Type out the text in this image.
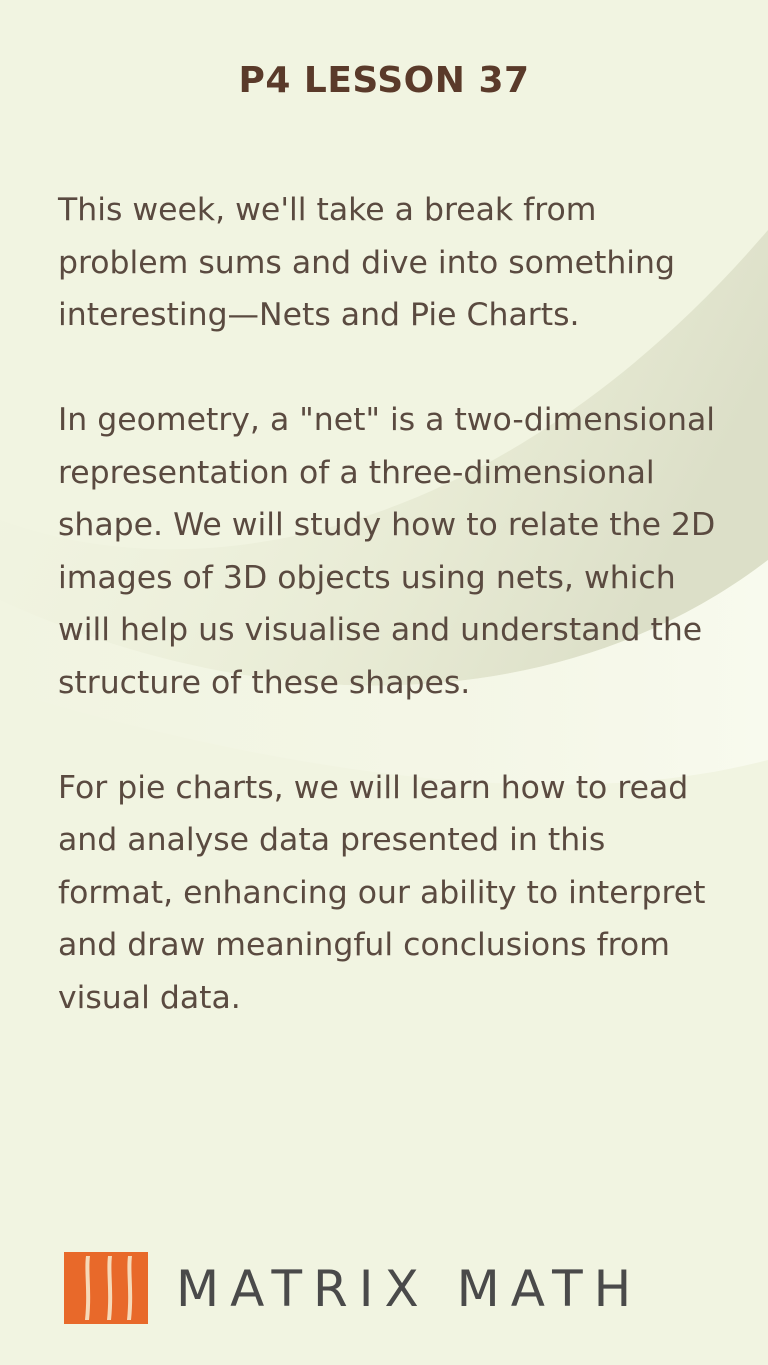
P4 LESSON 37

This week, we'll take a break from problem sums and dive into something interesting—Nets and Pie Charts.

In geometry, a "net" is a two-dimensional representation of a three-dimensional shape. We will study how to relate the 2D images of 3D objects using nets, which will help us visualise and understand the structure of these shapes.

For pie charts, we will learn how to read and analyse data presented in this format, enhancing our ability to interpret and draw meaningful conclusions from visual data.

MATRIX MATH
